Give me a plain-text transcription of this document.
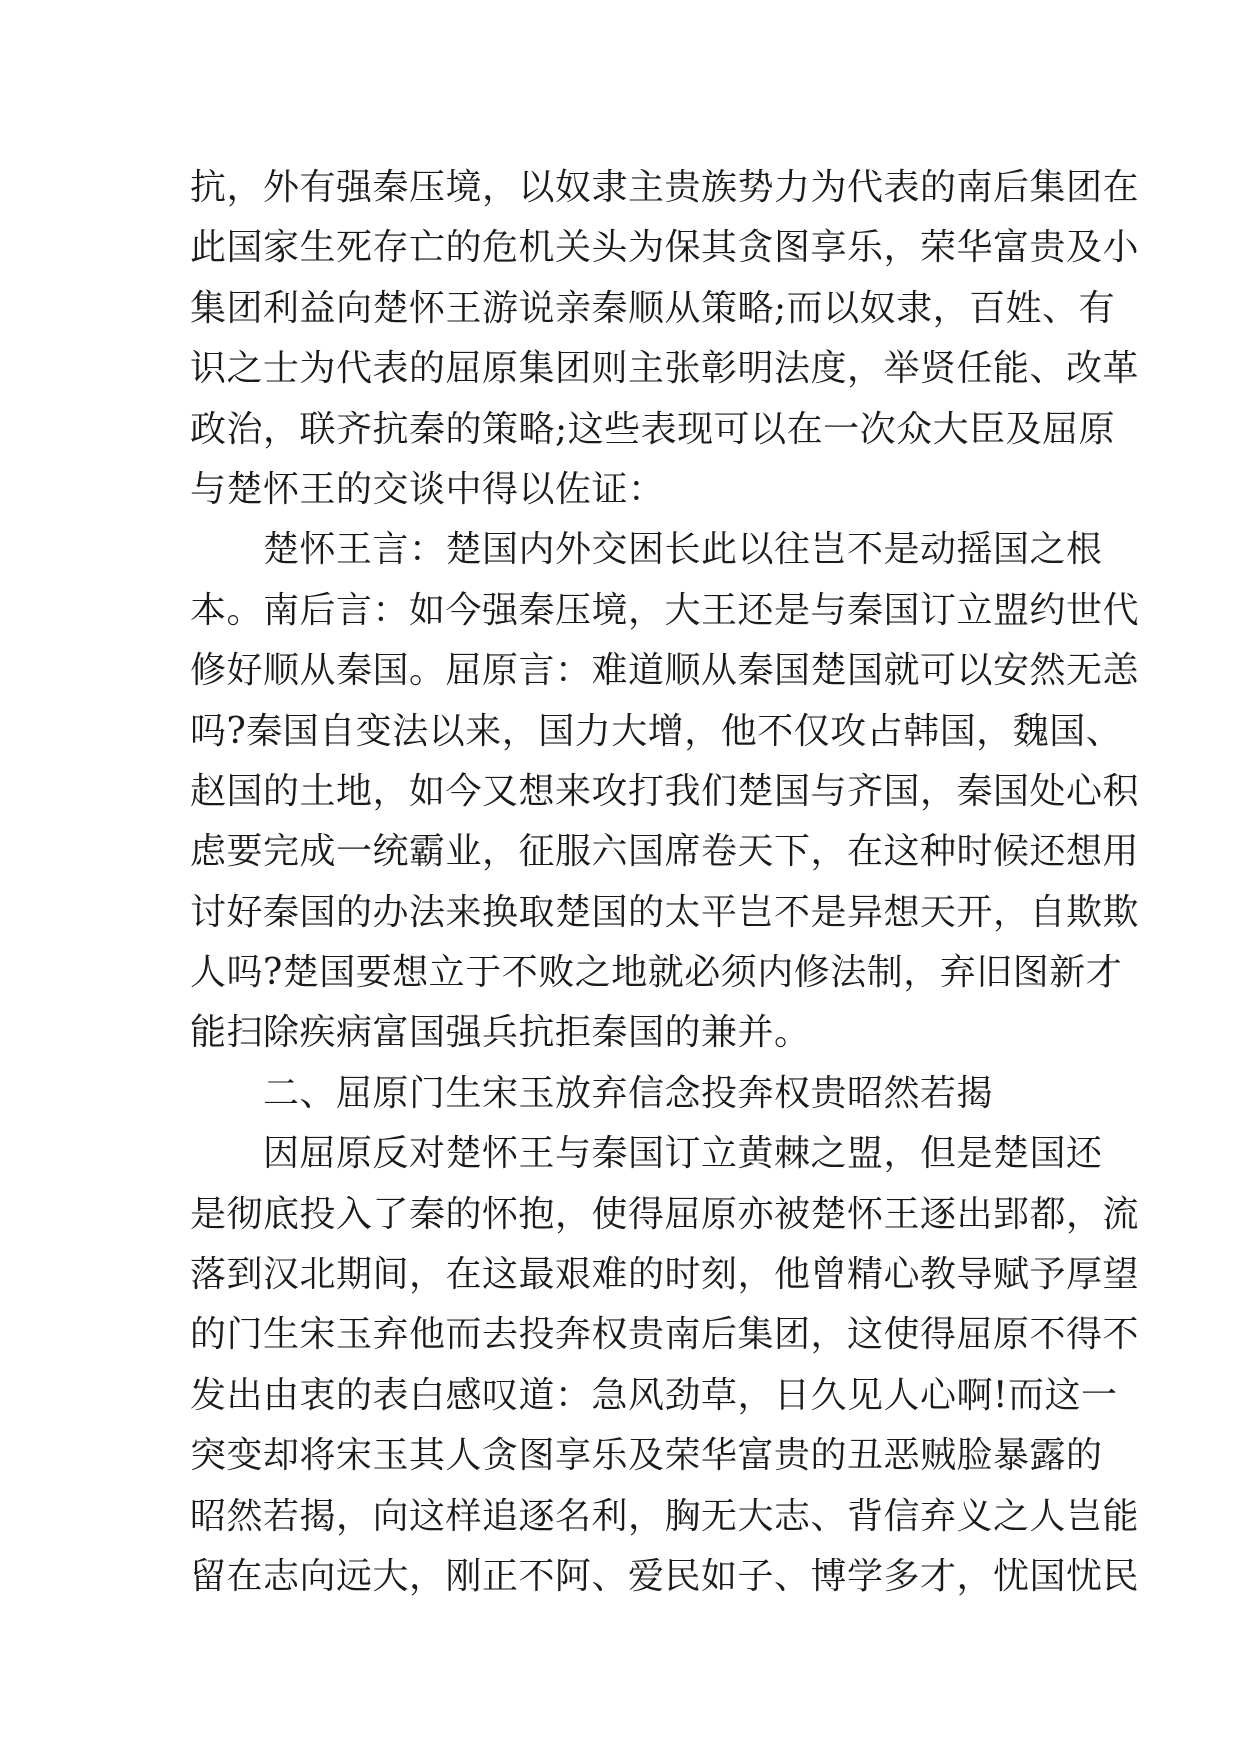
抗，外有强秦压境，以奴隶主贵族势力为代表的南后集团在
此国家生死存亡的危机关头为保其贪图享乐，荣华富贵及小
集团利益向楚怀王游说亲秦顺从策略;而以奴隶，百姓、有
识之士为代表的屈原集团则主张彰明法度，举贤任能、改革
政治，联齐抗秦的策略;这些表现可以在一次众大臣及屈原
与楚怀王的交谈中得以佐证：
　　楚怀王言：楚国内外交困长此以往岂不是动摇国之根
本。南后言：如今强秦压境，大王还是与秦国订立盟约世代
修好顺从秦国。屈原言：难道顺从秦国楚国就可以安然无恙
吗?秦国自变法以来，国力大增，他不仅攻占韩国，魏国、
赵国的土地，如今又想来攻打我们楚国与齐国，秦国处心积
虑要完成一统霸业，征服六国席卷天下，在这种时候还想用
讨好秦国的办法来换取楚国的太平岂不是异想天开，自欺欺
人吗?楚国要想立于不败之地就必须内修法制，弃旧图新才
能扫除疾病富国强兵抗拒秦国的兼并。
　　二、屈原门生宋玉放弃信念投奔权贵昭然若揭
　　因屈原反对楚怀王与秦国订立黄棘之盟，但是楚国还
是彻底投入了秦的怀抱，使得屈原亦被楚怀王逐出郢都，流
落到汉北期间，在这最艰难的时刻，他曾精心教导赋予厚望
的门生宋玉弃他而去投奔权贵南后集团，这使得屈原不得不
发出由衷的表白感叹道：急风劲草，日久见人心啊!而这一
突变却将宋玉其人贪图享乐及荣华富贵的丑恶贼脸暴露的
昭然若揭，向这样追逐名利，胸无大志、背信弃义之人岂能
留在志向远大，刚正不阿、爱民如子、博学多才，忧国忧民
